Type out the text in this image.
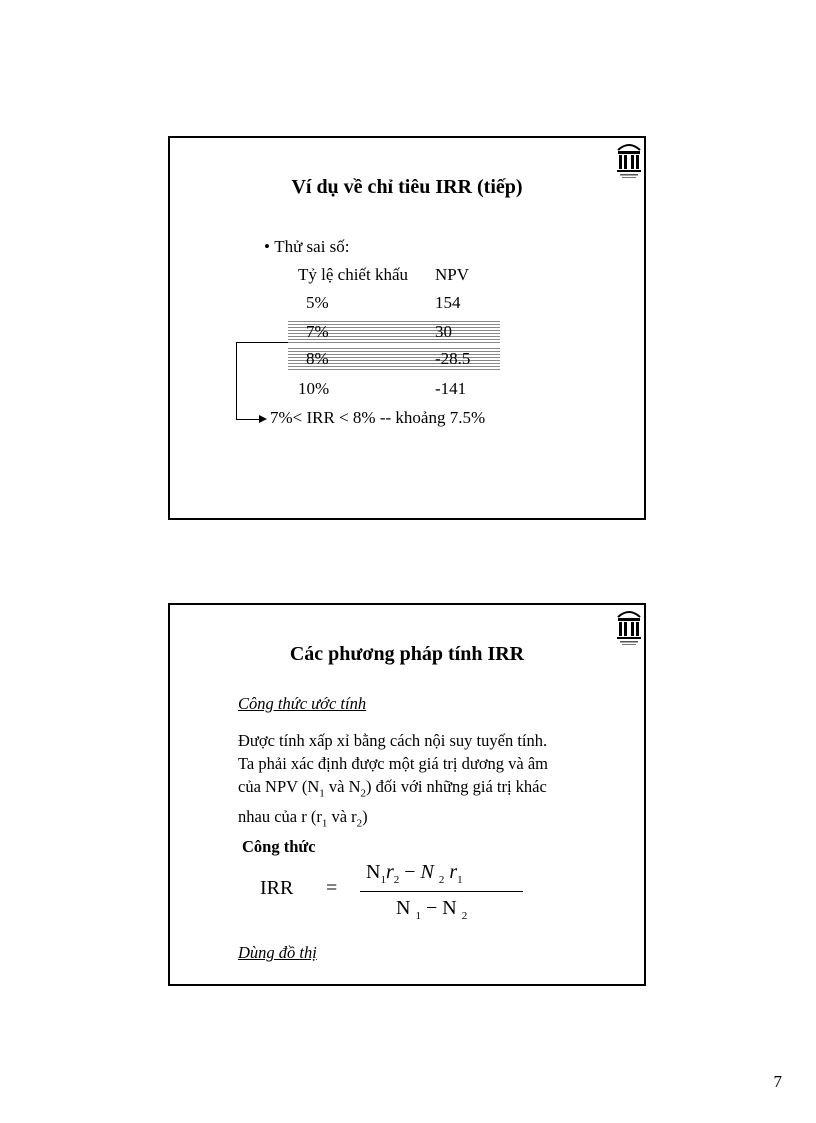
Ví dụ về chỉ tiêu IRR (tiếp)
• Thử sai số:
Tỷ lệ chiết khấu NPV
5%	154
7%	30
8%	-28.5
10%	-141
7%< IRR < 8% -- khoảng 7.5%
Các phương pháp tính IRR
Công thức ước tính
Được tính xấp xỉ bằng cách nội suy tuyến tính.
Ta phải xác định được một giá trị dương và âm
của NPV ($N_1$ và $N_2$) đối với những giá trị khác
nhau của r ($r_1$ và $r_2$)
Công thức
IRR =
$N_1r_2 - N$ $_2$ $r_1$
N $_1$ − N $_2$
Dùng đồ thị
7
